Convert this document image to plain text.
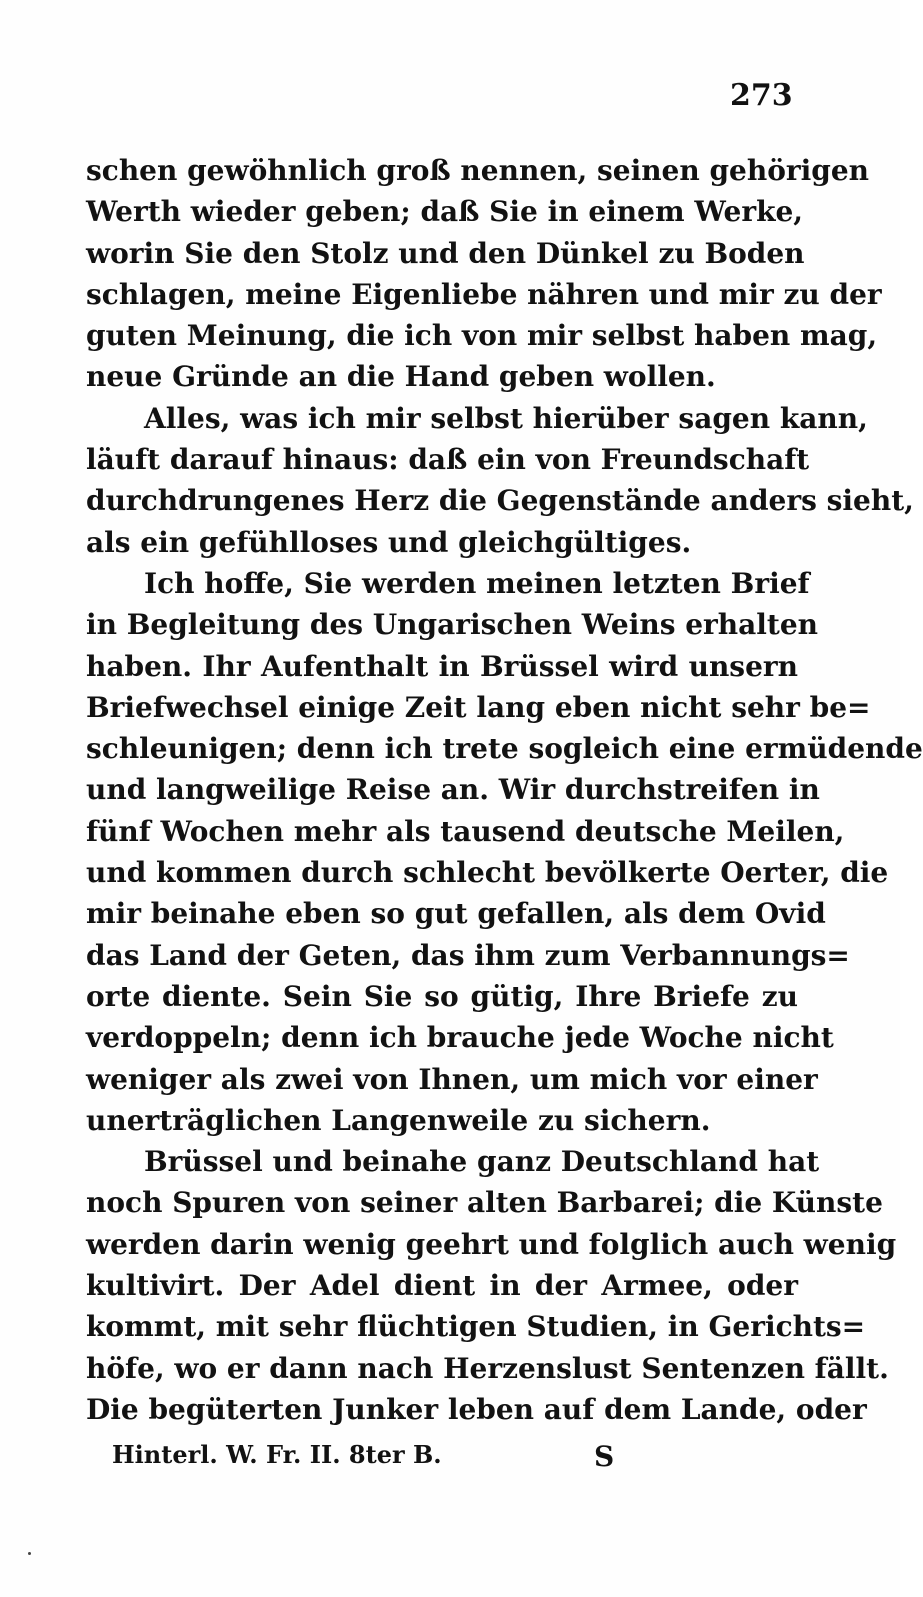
273
schen gewöhnlich groß nennen, seinen gehörigen
Werth wieder geben; daß Sie in einem Werke,
worin Sie den Stolz und den Dünkel zu Boden
schlagen, meine Eigenliebe nähren und mir zu der
guten Meinung, die ich von mir selbst haben mag,
neue Gründe an die Hand geben wollen.
Alles, was ich mir selbst hierüber sagen kann,
läuft darauf hinaus: daß ein von Freundschaft
durchdrungenes Herz die Gegenstände anders sieht,
als ein gefühlloses und gleichgültiges.
Ich hoffe, Sie werden meinen letzten Brief
in Begleitung des Ungarischen Weins erhalten
haben. Ihr Aufenthalt in Brüssel wird unsern
Briefwechsel einige Zeit lang eben nicht sehr be=
schleunigen; denn ich trete sogleich eine ermüdende
und langweilige Reise an. Wir durchstreifen in
fünf Wochen mehr als tausend deutsche Meilen,
und kommen durch schlecht bevölkerte Oerter, die
mir beinahe eben so gut gefallen, als dem Ovid
das Land der Geten, das ihm zum Verbannungs=
orte diente. Sein Sie so gütig, Ihre Briefe zu
verdoppeln; denn ich brauche jede Woche nicht
weniger als zwei von Ihnen, um mich vor einer
unerträglichen Langenweile zu sichern.
Brüssel und beinahe ganz Deutschland hat
noch Spuren von seiner alten Barbarei; die Künste
werden darin wenig geehrt und folglich auch wenig
kultivirt. Der Adel dient in der Armee, oder
kommt, mit sehr flüchtigen Studien, in Gerichts=
höfe, wo er dann nach Herzenslust Sentenzen fällt.
Die begüterten Junker leben auf dem Lande, oder
Hinterl. W. Fr. II. 8ter B.	S
